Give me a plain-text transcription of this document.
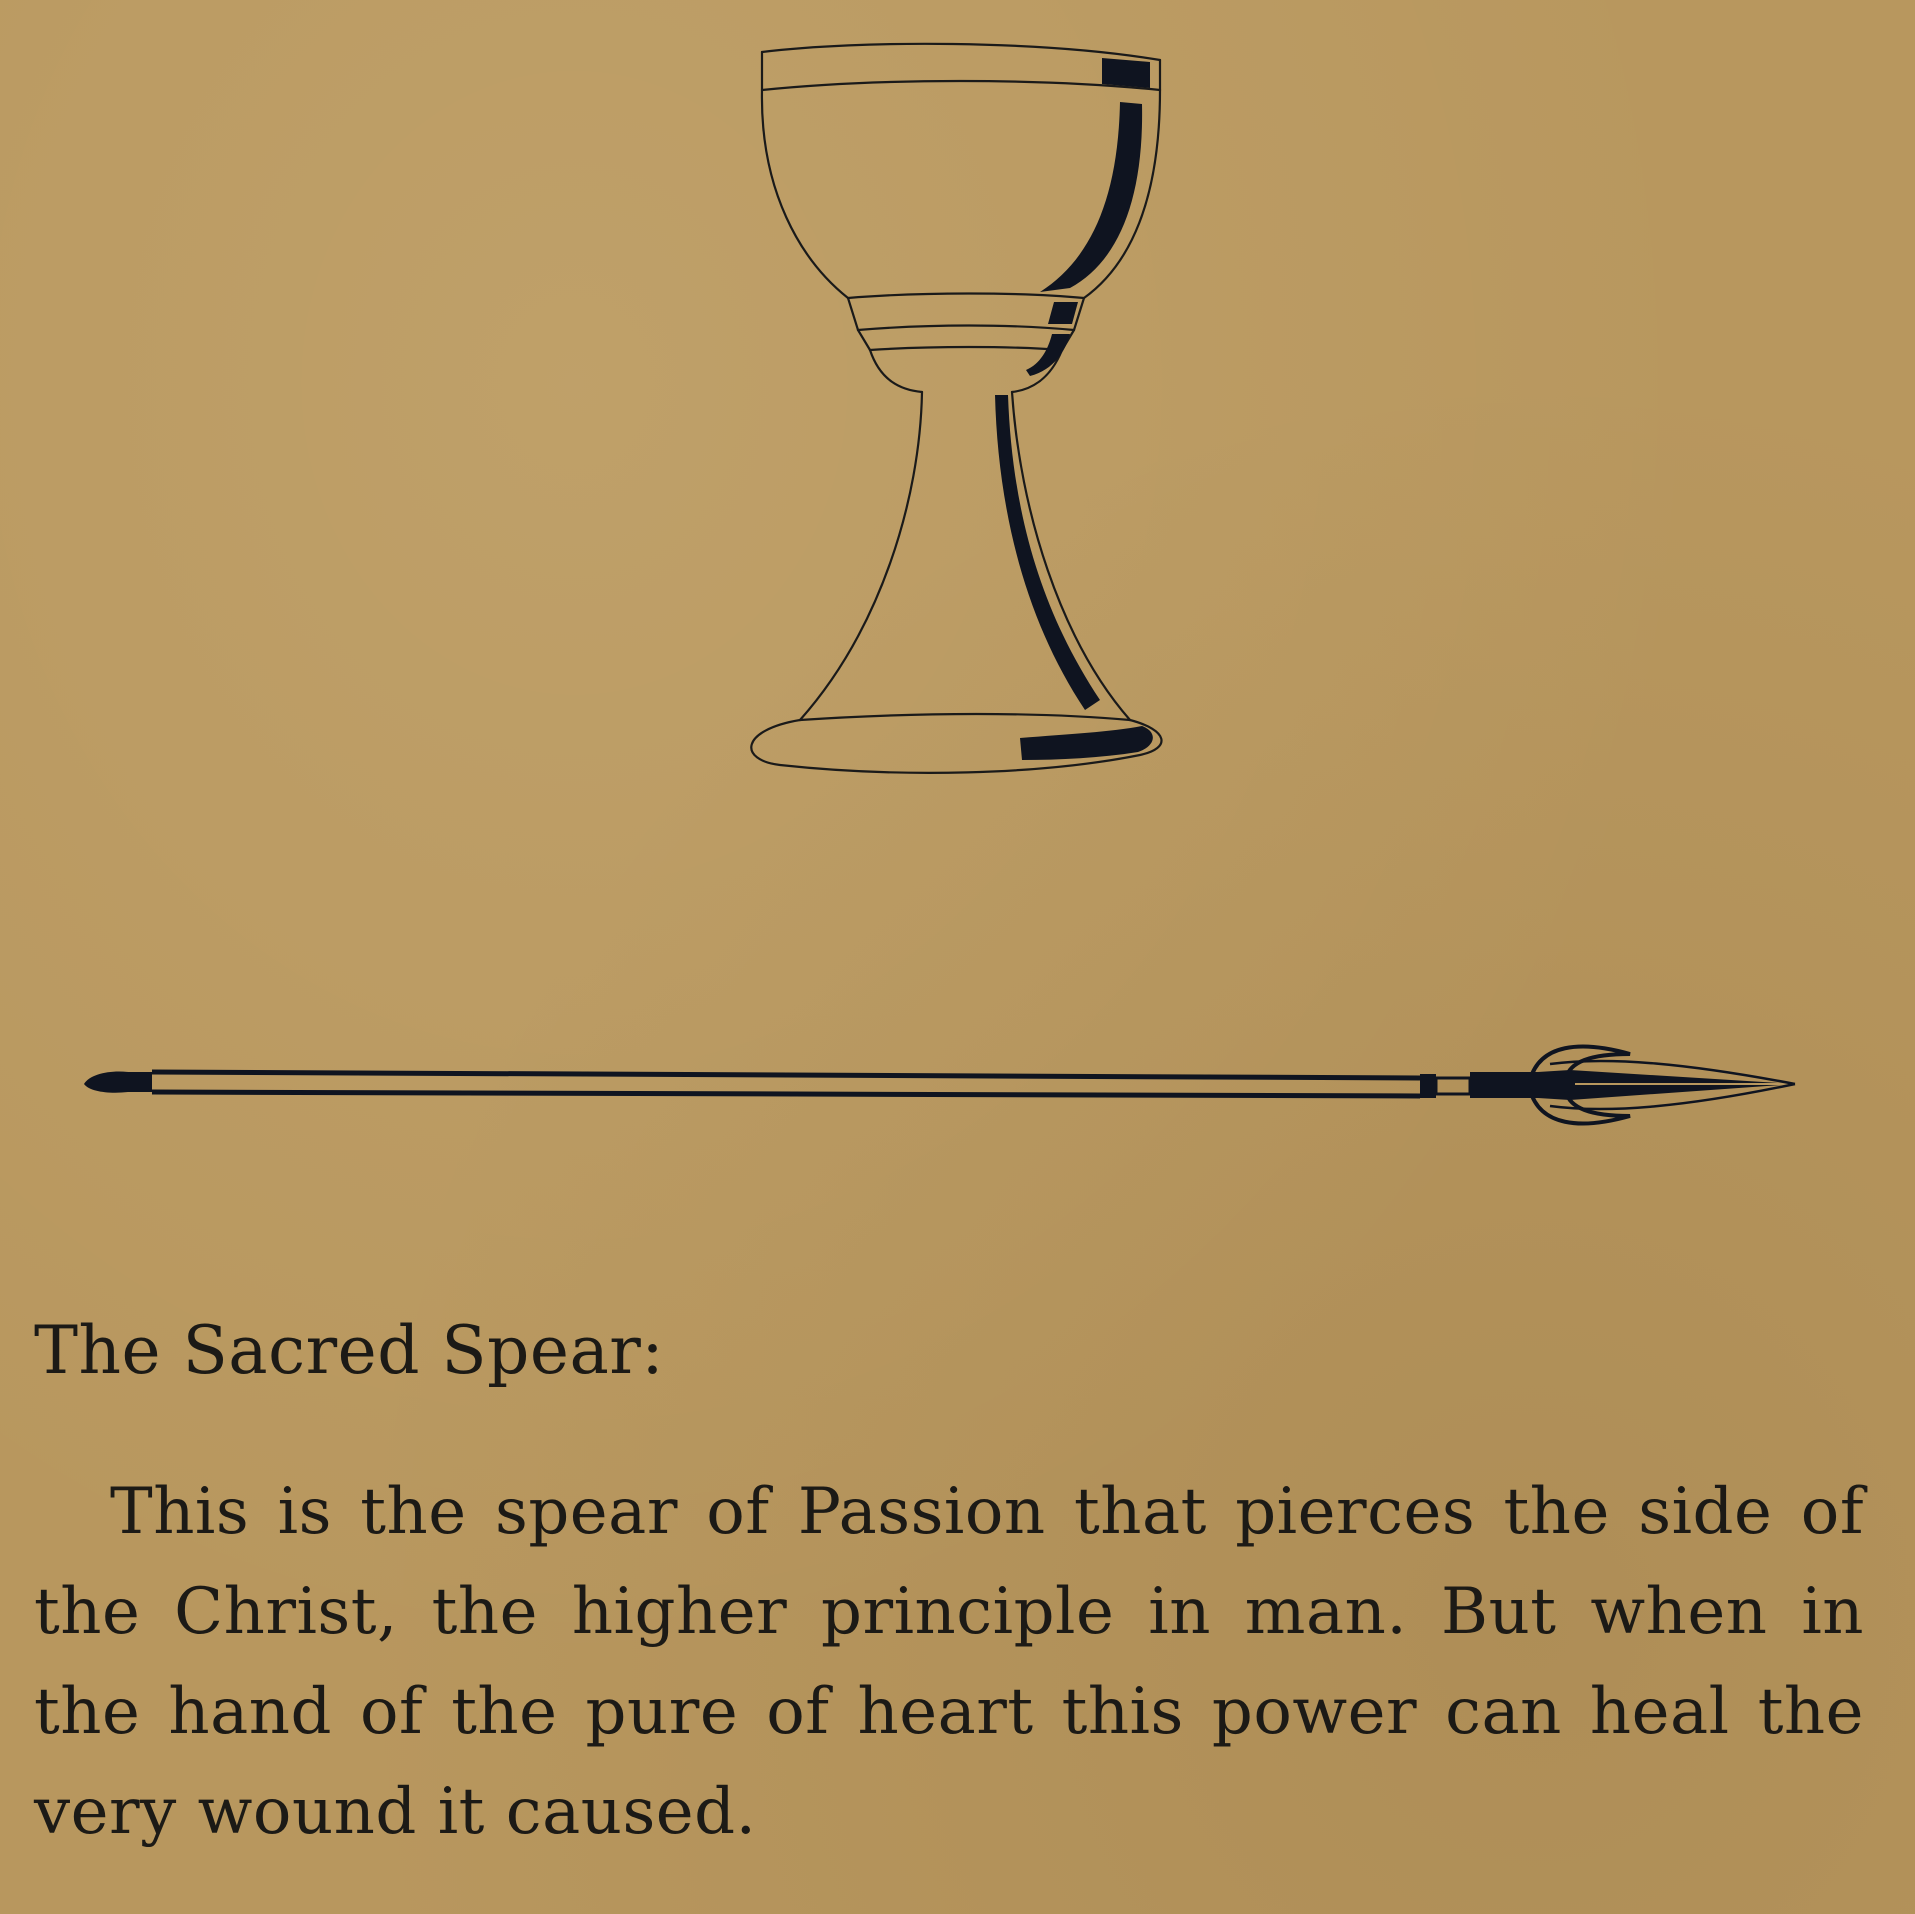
The Sacred Spear:
This is the spear of Passion that pierces the side of the Christ, the higher principle in man. But when in the hand of the pure of heart this power can heal the very wound it caused.
